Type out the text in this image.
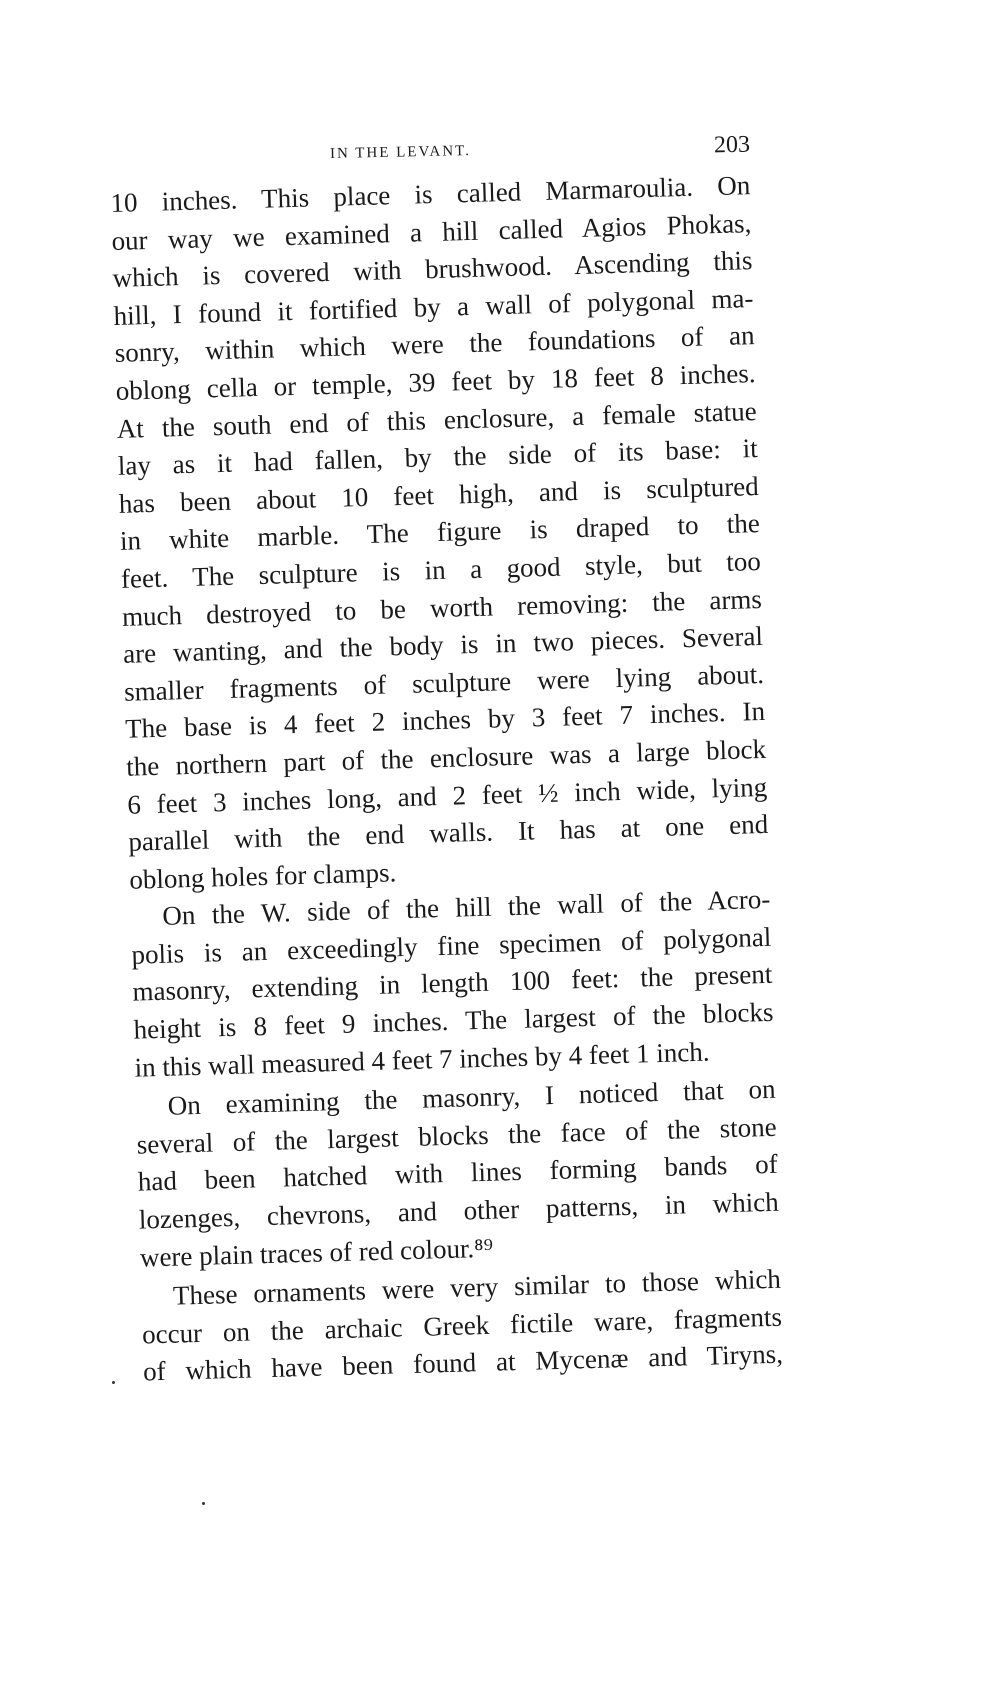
IN THE LEVANT.	203
10 inches. This place is called Marmaroulia. On
our way we examined a hill called Agios Phokas,
which is covered with brushwood. Ascending this
hill, I found it fortified by a wall of polygonal ma-
sonry, within which were the foundations of an
oblong cella or temple, 39 feet by 18 feet 8 inches.
At the south end of this enclosure, a female statue
lay as it had fallen, by the side of its base: it
has been about 10 feet high, and is sculptured
in white marble. The figure is draped to the
feet. The sculpture is in a good style, but too
much destroyed to be worth removing: the arms
are wanting, and the body is in two pieces. Several
smaller fragments of sculpture were lying about.
The base is 4 feet 2 inches by 3 feet 7 inches. In
the northern part of the enclosure was a large block
6 feet 3 inches long, and 2 feet ½ inch wide, lying
parallel with the end walls. It has at one end
oblong holes for clamps.
On the W. side of the hill the wall of the Acro-
polis is an exceedingly fine specimen of polygonal
masonry, extending in length 100 feet: the present
height is 8 feet 9 inches. The largest of the blocks
in this wall measured 4 feet 7 inches by 4 feet 1 inch.
On examining the masonry, I noticed that on
several of the largest blocks the face of the stone
had been hatched with lines forming bands of
lozenges, chevrons, and other patterns, in which
were plain traces of red colour.⁸⁹
These ornaments were very similar to those which
occur on the archaic Greek fictile ware, fragments
of which have been found at Mycenæ and Tiryns,
